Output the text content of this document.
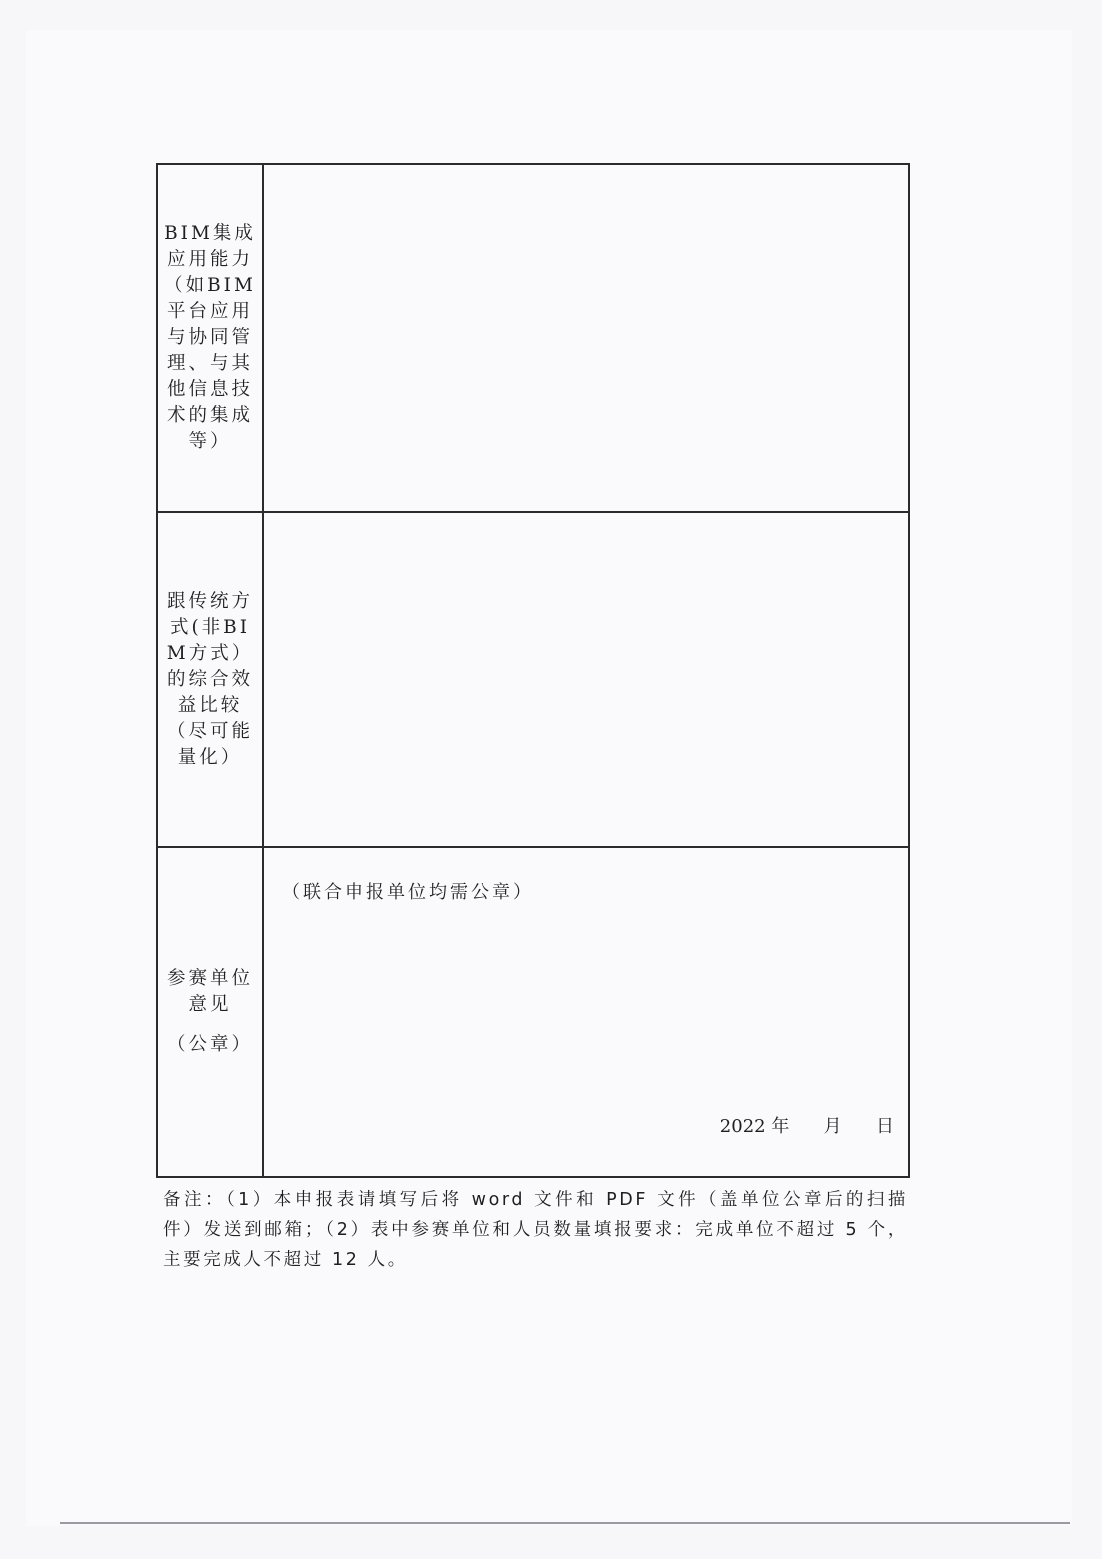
BIM集成应用能力（如BIM平台应用与协同管理、与其他信息技术的集成等）
跟传统方式(非BIM方式）的综合效益比较（尽可能量化）

参赛单位意见

（公章）

（联合申报单位均需公章）
2022 年      月      日
备注：（1）本申报表请填写后将 word 文件和 PDF 文件（盖单位公章后的扫描件）发送到邮箱；（2）表中参赛单位和人员数量填报要求：完成单位不超过 5 个，主要完成人不超过 12 人。
